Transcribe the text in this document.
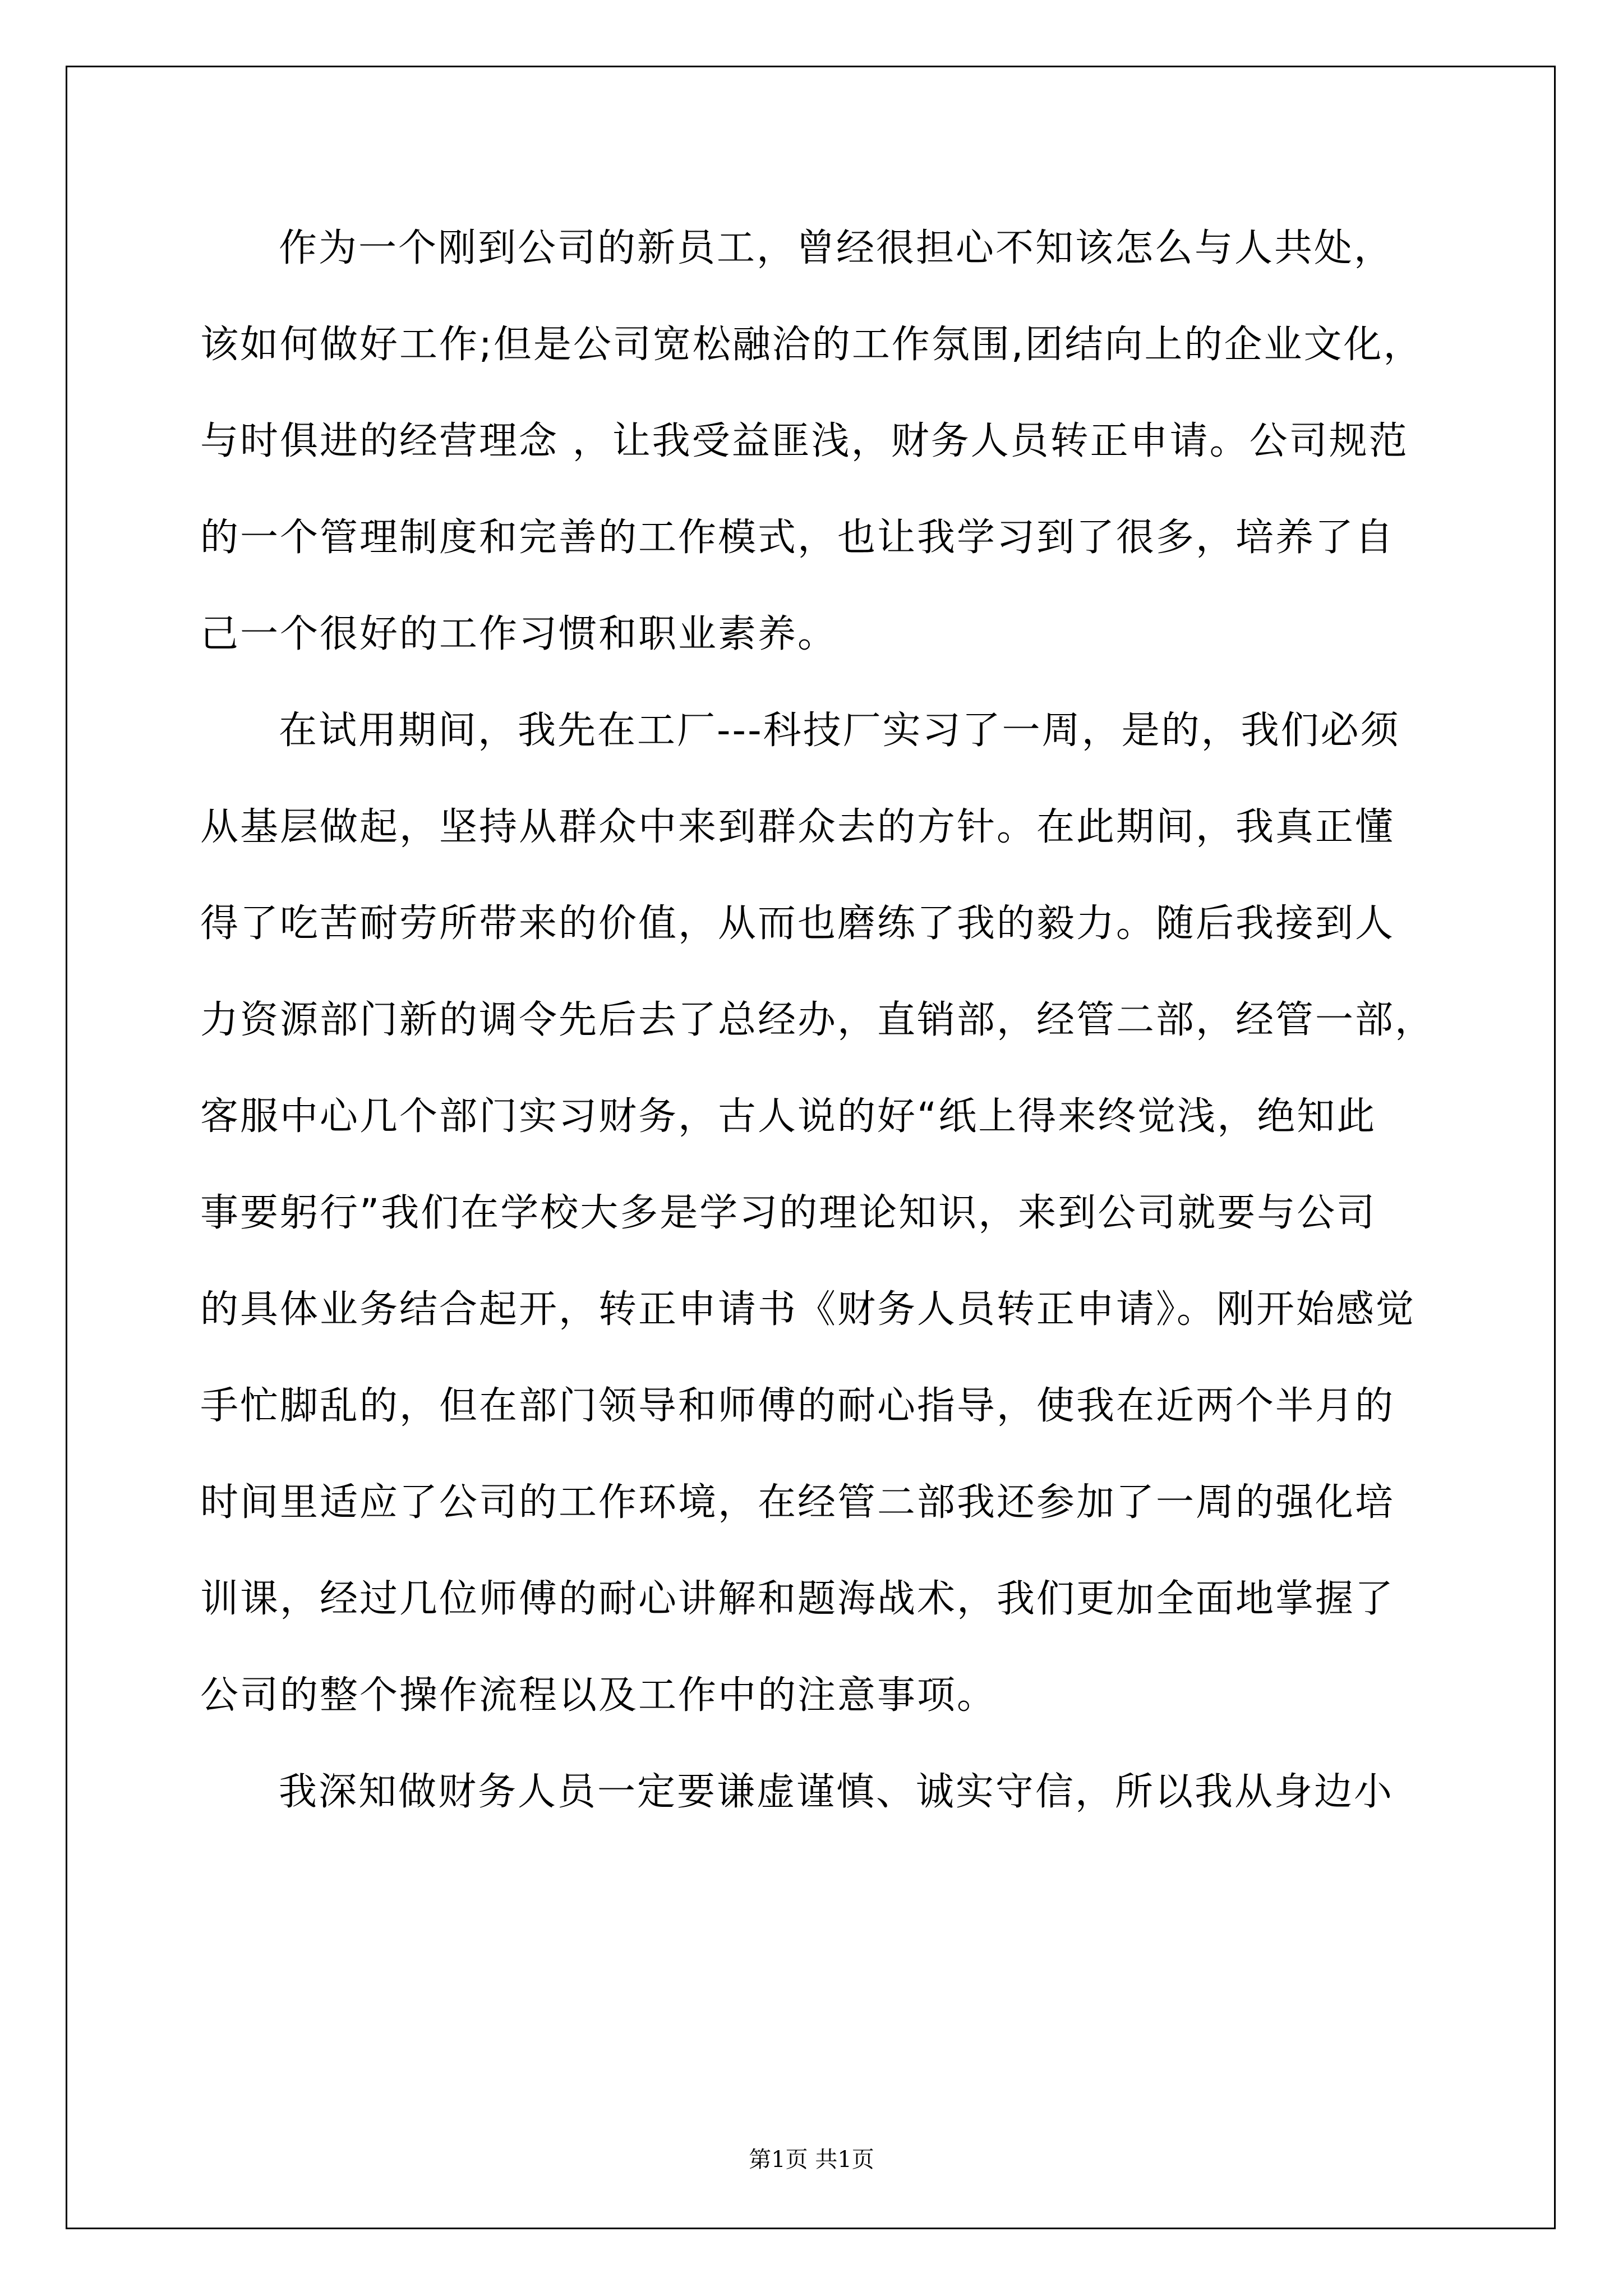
作为一个刚到公司的新员工，曾经很担心不知该怎么与人共处，
该如何做好工作;但是公司宽松融洽的工作氛围,团结向上的企业文化，
与时俱进的经营理念 ，让我受益匪浅，财务人员转正申请。公司规范
的一个管理制度和完善的工作模式，也让我学习到了很多，培养了自
己一个很好的工作习惯和职业素养。
在试用期间，我先在工厂---科技厂实习了一周，是的，我们必须
从基层做起，坚持从群众中来到群众去的方针。在此期间，我真正懂
得了吃苦耐劳所带来的价值，从而也磨练了我的毅力。随后我接到人
力资源部门新的调令先后去了总经办，直销部，经管二部，经管一部，
客服中心几个部门实习财务，古人说的好“纸上得来终觉浅，绝知此
事要躬行”我们在学校大多是学习的理论知识，来到公司就要与公司
的具体业务结合起开，转正申请书《财务人员转正申请》。刚开始感觉
手忙脚乱的，但在部门领导和师傅的耐心指导，使我在近两个半月的
时间里适应了公司的工作环境，在经管二部我还参加了一周的强化培
训课，经过几位师傅的耐心讲解和题海战术，我们更加全面地掌握了
公司的整个操作流程以及工作中的注意事项。
我深知做财务人员一定要谦虚谨慎、诚实守信，所以我从身边小
第1页 共1页
